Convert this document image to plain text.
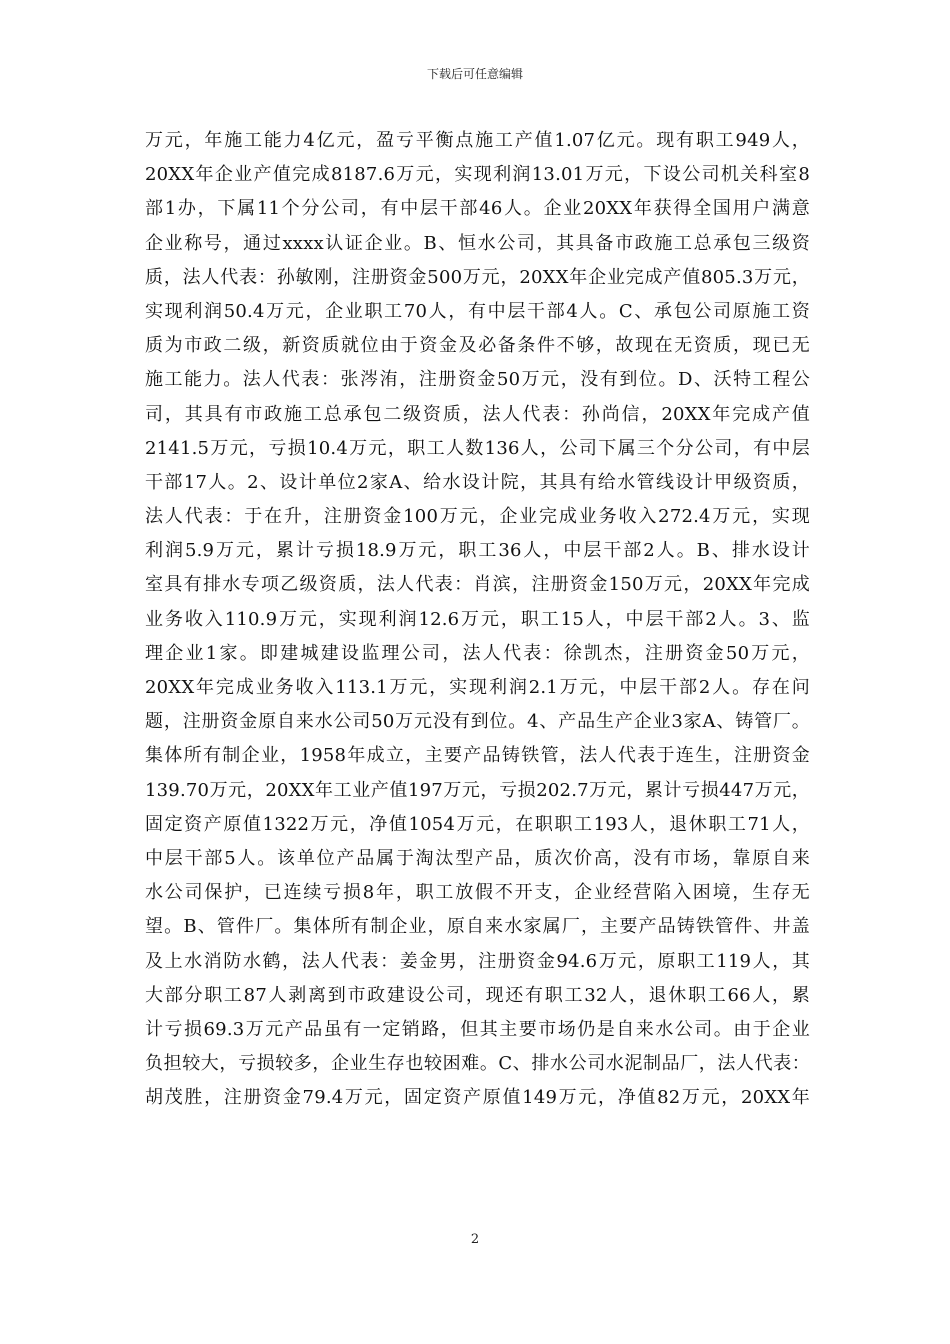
下载后可任意编辑
万元，年施工能力4亿元，盈亏平衡点施工产值1.07亿元。现有职工949人，
20XX年企业产值完成8187.6万元，实现利润13.01万元，下设公司机关科室8
部1办，下属11个分公司，有中层干部46人。企业20XX年获得全国用户满意
企业称号，通过xxxx认证企业。B、恒水公司，其具备市政施工总承包三级资
质，法人代表：孙敏刚，注册资金500万元，20XX年企业完成产值805.3万元，
实现利润50.4万元，企业职工70人，有中层干部4人。C、承包公司原施工资
质为市政二级，新资质就位由于资金及必备条件不够，故现在无资质，现已无
施工能力。法人代表：张涔洧，注册资金50万元，没有到位。D、沃特工程公
司，其具有市政施工总承包二级资质，法人代表：孙尚信，20XX年完成产值
2141.5万元，亏损10.4万元，职工人数136人，公司下属三个分公司，有中层
干部17人。2、设计单位2家A、给水设计院，其具有给水管线设计甲级资质，
法人代表：于在升，注册资金100万元，企业完成业务收入272.4万元，实现
利润5.9万元，累计亏损18.9万元，职工36人，中层干部2人。B、排水设计
室具有排水专项乙级资质，法人代表：肖滨，注册资金150万元，20XX年完成
业务收入110.9万元，实现利润12.6万元，职工15人，中层干部2人。3、监
理企业1家。即建城建设监理公司，法人代表：徐凯杰，注册资金50万元，
20XX年完成业务收入113.1万元，实现利润2.1万元，中层干部2人。存在问
题，注册资金原自来水公司50万元没有到位。4、产品生产企业3家A、铸管厂。
集体所有制企业，1958年成立，主要产品铸铁管，法人代表于连生，注册资金
139.70万元，20XX年工业产值197万元，亏损202.7万元，累计亏损447万元，
固定资产原值1322万元，净值1054万元，在职职工193人，退休职工71人，
中层干部5人。该单位产品属于淘汰型产品，质次价高，没有市场，靠原自来
水公司保护，已连续亏损8年，职工放假不开支，企业经营陷入困境，生存无
望。B、管件厂。集体所有制企业，原自来水家属厂，主要产品铸铁管件、井盖
及上水消防水鹤，法人代表：姜金男，注册资金94.6万元，原职工119人，其
大部分职工87人剥离到市政建设公司，现还有职工32人，退休职工66人，累
计亏损69.3万元产品虽有一定销路，但其主要市场仍是自来水公司。由于企业
负担较大，亏损较多，企业生存也较困难。C、排水公司水泥制品厂，法人代表：
胡茂胜，注册资金79.4万元，固定资产原值149万元，净值82万元，20XX年
2
